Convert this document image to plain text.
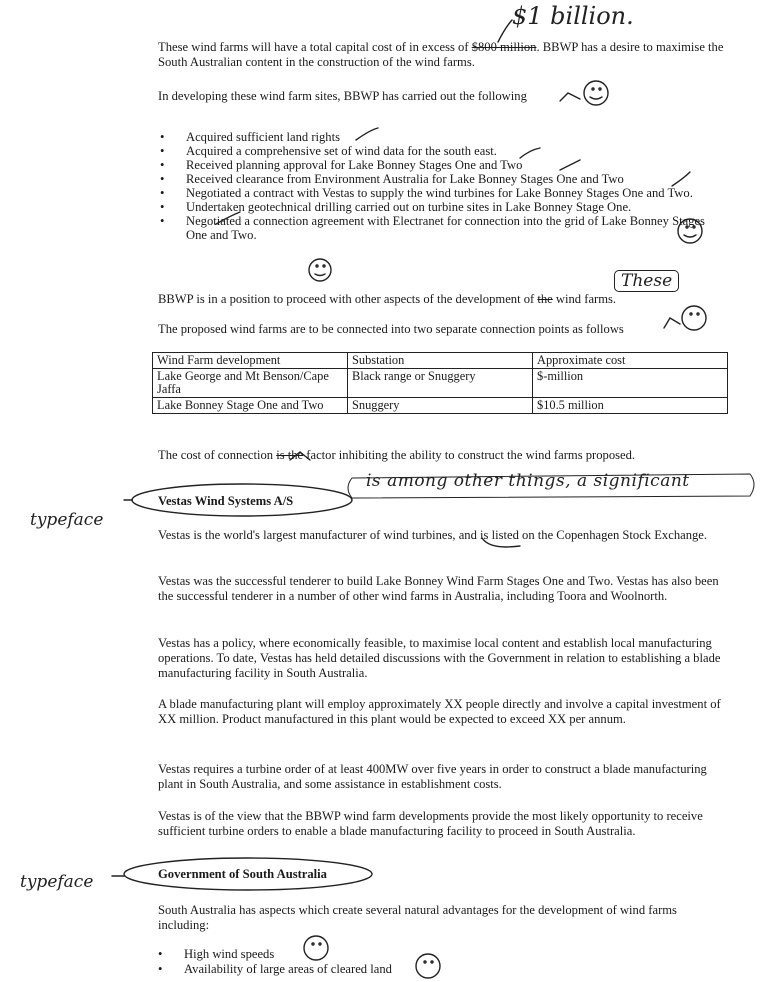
$1 billion.
These wind farms will have a total capital cost of in excess of $800 million. BBWP has a desire to maximise the South Australian content in the construction of the wind farms.
In developing these wind farm sites, BBWP has carried out the following
• Acquired sufficient land rights
• Acquired a comprehensive set of wind data for the south east.
• Received planning approval for Lake Bonney Stages One and Two
• Received clearance from Environment Australia for Lake Bonney Stages One and Two
• Negotiated a contract with Vestas to supply the wind turbines for Lake Bonney Stages One and Two.
• Undertaken geotechnical drilling carried out on turbine sites in Lake Bonney Stage One.
• Negotiated a connection agreement with Electranet for connection into the grid of Lake Bonney Stages One and Two.
These
BBWP is in a position to proceed with other aspects of the development of the wind farms.
The proposed wind farms are to be connected into two separate connection points as follows
Wind Farm development	Substation	Approximate cost
Lake George and Mt Benson/Cape Jaffa	Black range or Snuggery	$-million
Lake Bonney Stage One and Two	Snuggery	$10.5 million
The cost of connection is the factor inhibiting the ability to construct the wind farms proposed.
is among other things, a significant
typeface
Vestas Wind Systems A/S
Vestas is the world's largest manufacturer of wind turbines, and is listed on the Copenhagen Stock Exchange.
Vestas was the successful tenderer to build Lake Bonney Wind Farm Stages One and Two. Vestas has also been the successful tenderer in a number of other wind farms in Australia, including Toora and Woolnorth.
Vestas has a policy, where economically feasible, to maximise local content and establish local manufacturing operations. To date, Vestas has held detailed discussions with the Government in relation to establishing a blade manufacturing facility in South Australia.
A blade manufacturing plant will employ approximately XX people directly and involve a capital investment of XX million. Product manufactured in this plant would be expected to exceed XX per annum.
Vestas requires a turbine order of at least 400MW over five years in order to construct a blade manufacturing plant in South Australia, and some assistance in establishment costs.
Vestas is of the view that the BBWP wind farm developments provide the most likely opportunity to receive sufficient turbine orders to enable a blade manufacturing facility to proceed in South Australia.
typeface	Government of South Australia
South Australia has aspects which create several natural advantages for the development of wind farms including:
• High wind speeds
• Availability of large areas of cleared land
